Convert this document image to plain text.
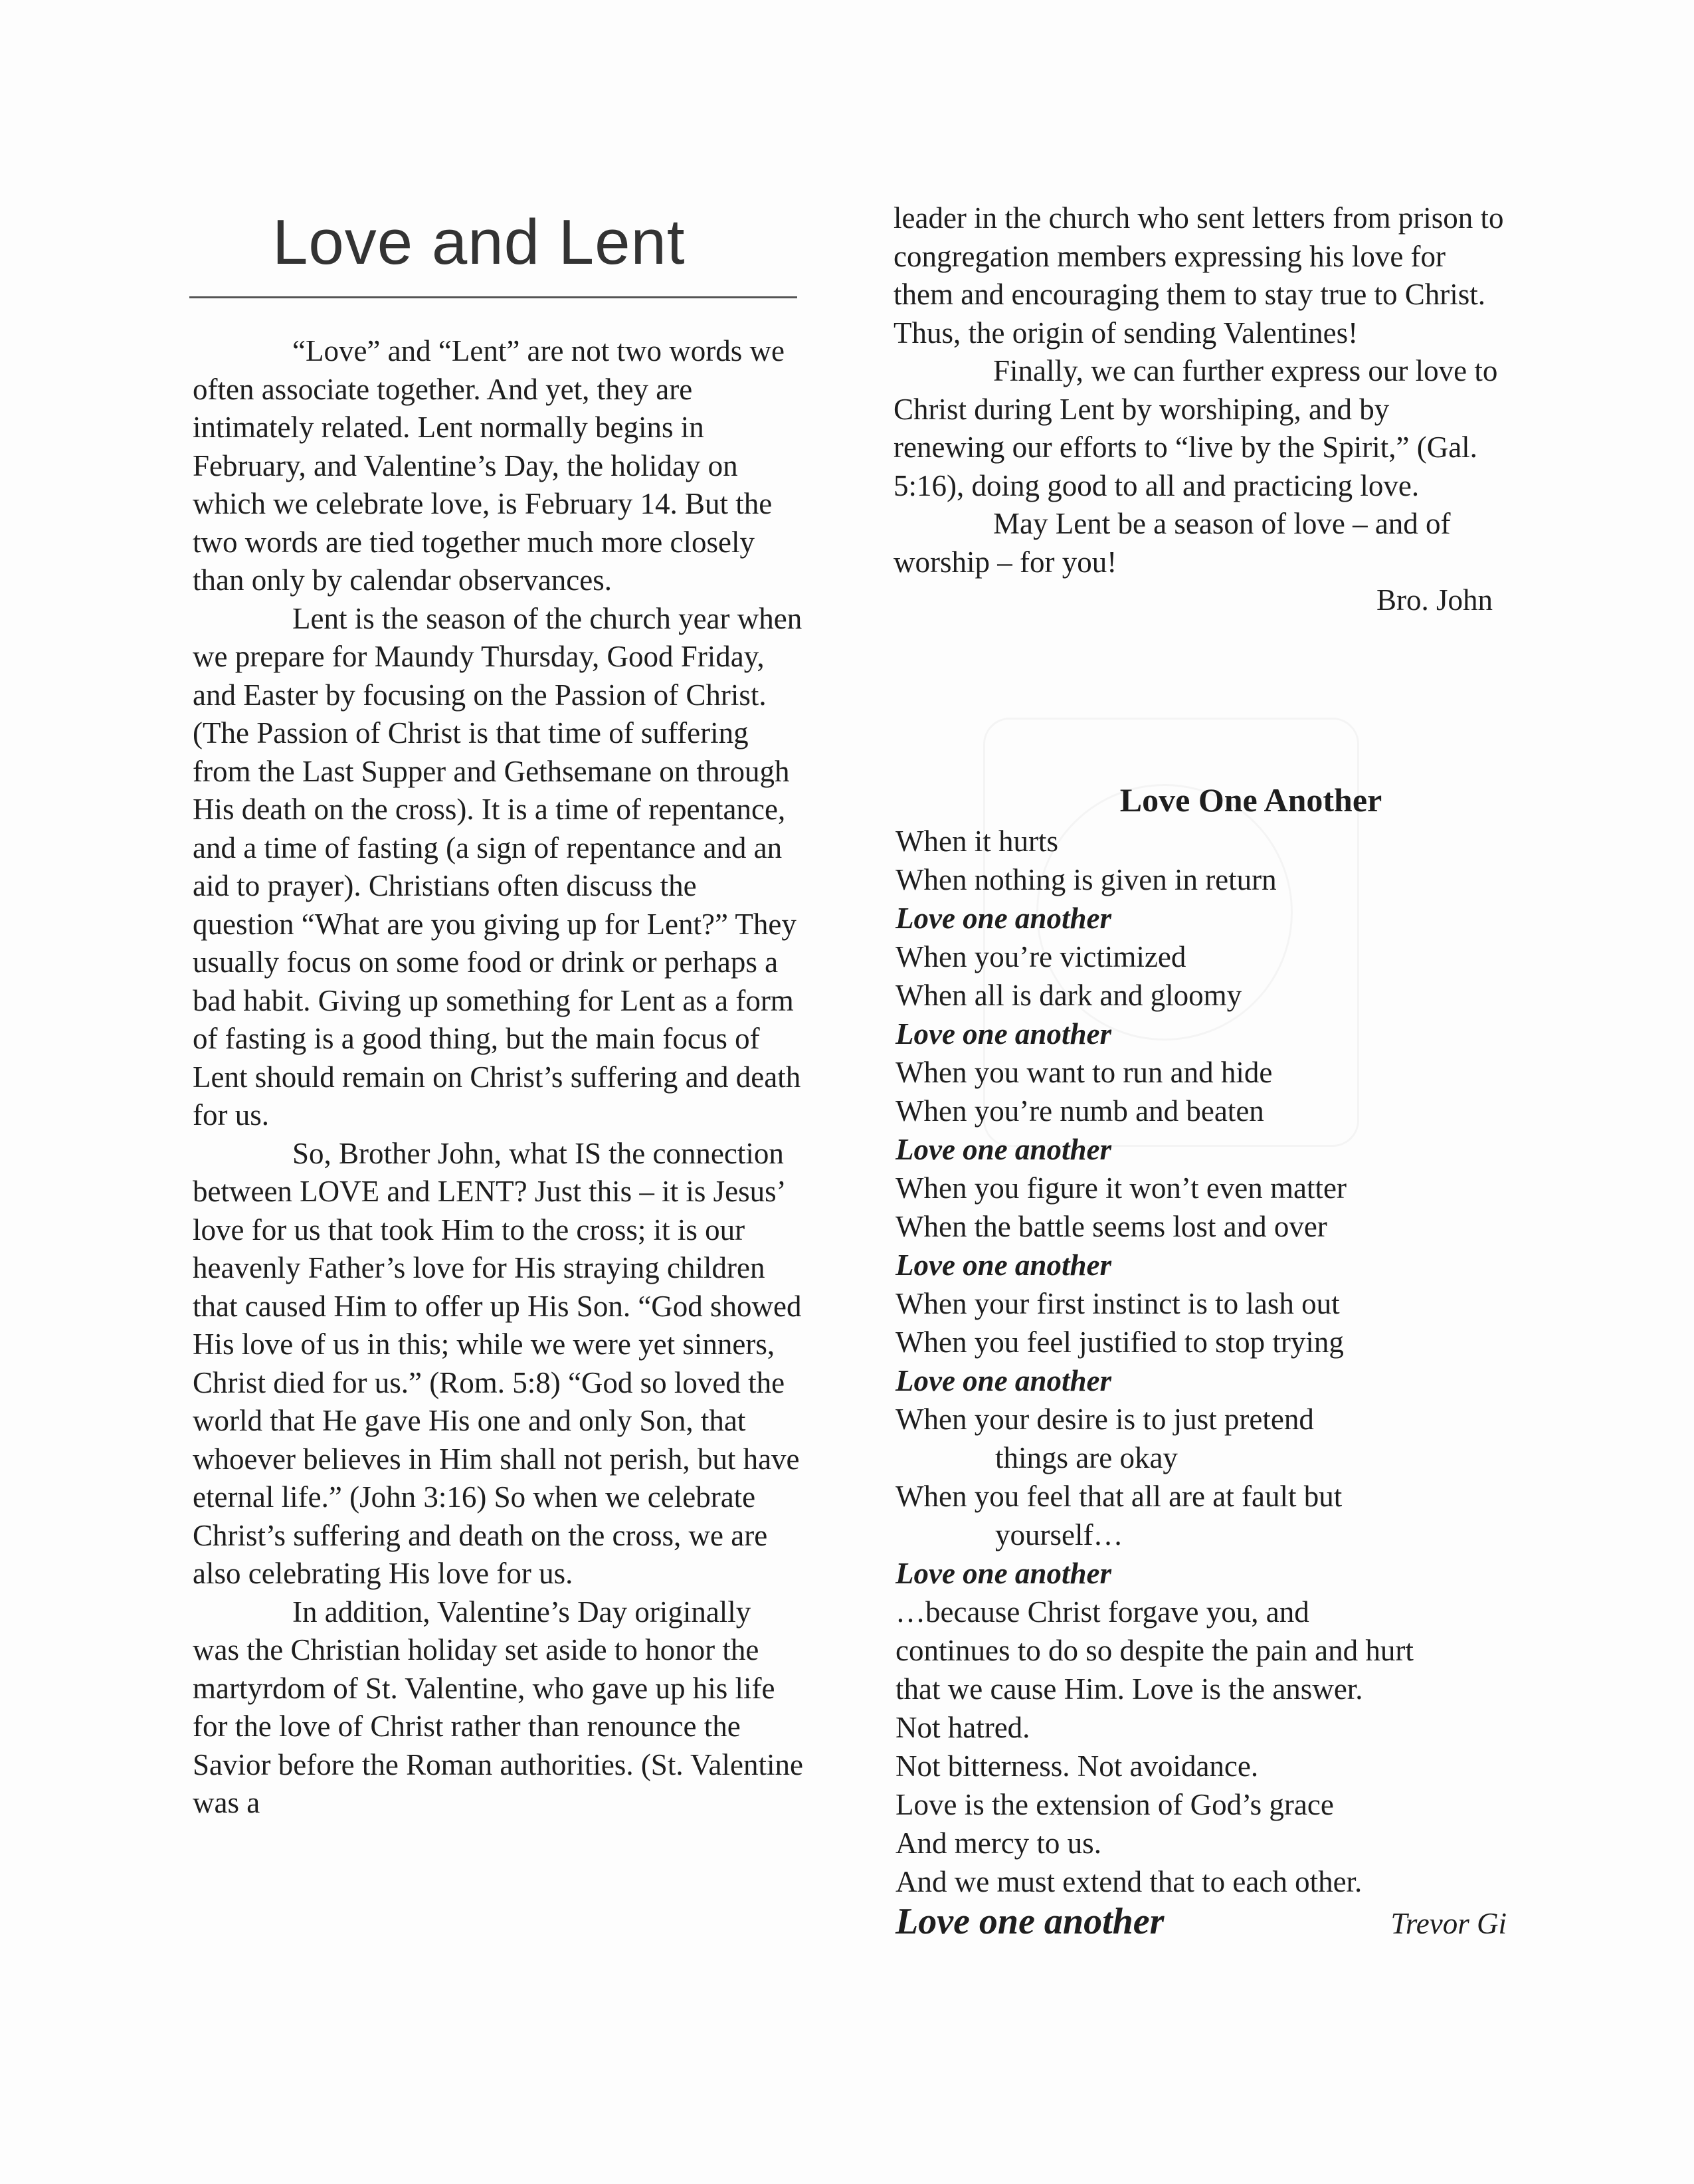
Love and Lent

“Love” and “Lent” are not two words we often associate together. And yet, they are intimately related. Lent normally begins in February, and Valentine’s Day, the holiday on which we celebrate love, is February 14. But the two words are tied together much more closely than only by calendar observances.

Lent is the season of the church year when we prepare for Maundy Thursday, Good Friday, and Easter by focusing on the Passion of Christ. (The Passion of Christ is that time of suffering from the Last Supper and Gethsemane on through His death on the cross). It is a time of repentance, and a time of fasting (a sign of repentance and an aid to prayer). Christians often discuss the question “What are you giving up for Lent?” They usually focus on some food or drink or perhaps a bad habit. Giving up something for Lent as a form of fasting is a good thing, but the main focus of Lent should remain on Christ’s suffering and death for us.

So, Brother John, what IS the connection between LOVE and LENT? Just this – it is Jesus’ love for us that took Him to the cross; it is our heavenly Father’s love for His straying children that caused Him to offer up His Son. “God showed His love of us in this; while we were yet sinners, Christ died for us.” (Rom. 5:8) “God so loved the world that He gave His one and only Son, that whoever believes in Him shall not perish, but have eternal life.” (John 3:16) So when we celebrate Christ’s suffering and death on the cross, we are also celebrating His love for us.

In addition, Valentine’s Day originally was the Christian holiday set aside to honor the martyrdom of St. Valentine, who gave up his life for the love of Christ rather than renounce the Savior before the Roman authorities. (St. Valentine was a

leader in the church who sent letters from prison to congregation members expressing his love for them and encouraging them to stay true to Christ. Thus, the origin of sending Valentines!

Finally, we can further express our love to Christ during Lent by worshiping, and by renewing our efforts to “live by the Spirit,” (Gal. 5:16), doing good to all and practicing love.

May Lent be a season of love – and of worship – for you!

Bro. John

Love One Another

When it hurts
When nothing is given in return
Love one another
When you’re victimized
When all is dark and gloomy
Love one another
When you want to run and hide
When you’re numb and beaten
Love one another
When you figure it won’t even matter
When the battle seems lost and over
Love one another
When your first instinct is to lash out
When you feel justified to stop trying
Love one another
When your desire is to just pretend
things are okay
When you feel that all are at fault but
yourself…
Love one another
…because Christ forgave you, and
continues to do so despite the pain and hurt
that we cause Him. Love is the answer.
Not hatred.
Not bitterness. Not avoidance.
Love is the extension of God’s grace
And mercy to us.
And we must extend that to each other.
Love one another	Trevor Gi
